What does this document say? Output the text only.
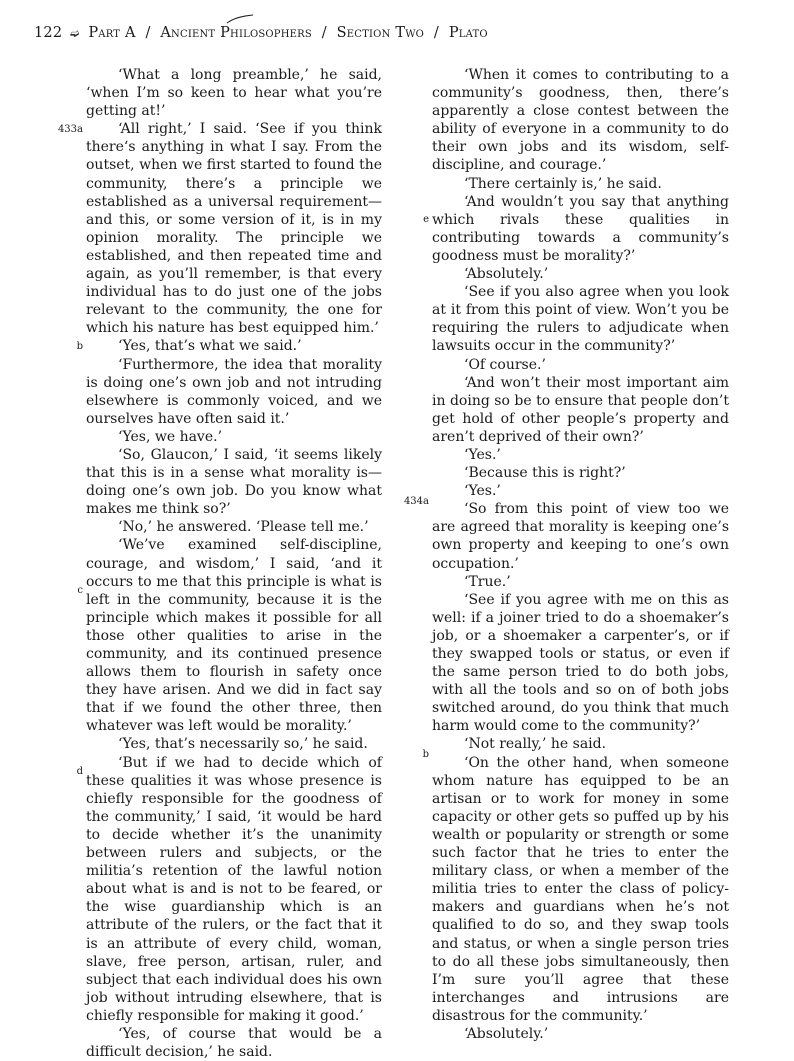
122 ➫ Part A / Ancient Philosophers / Section Two / Plato
433a
b
c
d

‘What a long preamble,’ he said, ‘when I’m so keen to hear what you’re getting at!’

‘All right,’ I said. ‘See if you think there‘s anything in what I say. From the outset, when we first started to found the community, there’s a principle we established as a universal requirement—and this, or some version of it, is in my opinion morality. The principle we established, and then repeated time and again, as you’ll remember, is that every individual has to do just one of the jobs relevant to the community, the one for which his nature has best equipped him.’

‘Yes, that’s what we said.’

‘Furthermore, the idea that morality is doing one’s own job and not intruding elsewhere is commonly voiced, and we ourselves have often said it.’

‘Yes, we have.’

‘So, Glaucon,’ I said, ‘it seems likely that this is in a sense what morality is—doing one’s own job. Do you know what makes me think so?’

‘No,’ he answered. ‘Please tell me.’

‘We’ve examined self-discipline, courage, and wisdom,’ I said, ‘and it occurs to me that this principle is what is left in the community, because it is the principle which makes it possible for all those other qualities to arise in the community, and its continued presence allows them to flourish in safety once they have arisen. And we did in fact say that if we found the other three, then whatever was left would be morality.’

‘Yes, that’s necessarily so,’ he said.

‘But if we had to decide which of these qualities it was whose presence is chiefly responsible for the goodness of the community,’ I said, ‘it would be hard to decide whether it’s the unanimity between rulers and subjects, or the militia’s retention of the lawful notion about what is and is not to be feared, or the wise guardianship which is an attribute of the rulers, or the fact that it is an attribute of every child, woman, slave, free person, artisan, ruler, and subject that each individual does his own job without intruding elsewhere, that is chiefly responsible for making it good.’

‘Yes, of course that would be a difficult decision,’ he said.

e
434a
b

‘When it comes to contributing to a community’s goodness, then, there’s apparently a close contest between the ability of everyone in a community to do their own jobs and its wisdom, self-discipline, and courage.’

‘There certainly is,’ he said.

‘And wouldn’t you say that anything which rivals these qualities in contributing towards a community’s goodness must be morality?’

‘Absolutely.’

‘See if you also agree when you look at it from this point of view. Won’t you be requiring the rulers to adjudicate when lawsuits occur in the community?’

‘Of course.’

‘And won’t their most important aim in doing so be to ensure that people don’t get hold of other people’s property and aren’t deprived of their own?’

‘Yes.’

‘Because this is right?’

‘Yes.’

‘So from this point of view too we are agreed that morality is keeping one’s own property and keeping to one’s own occupation.’

‘True.’

‘See if you agree with me on this as well: if a joiner tried to do a shoemaker’s job, or a shoemaker a carpenter’s, or if they swapped tools or status, or even if the same person tried to do both jobs, with all the tools and so on of both jobs switched around, do you think that much harm would come to the community?’

‘Not really,’ he said.

‘On the other hand, when someone whom nature has equipped to be an artisan or to work for money in some capacity or other gets so puffed up by his wealth or popularity or strength or some such factor that he tries to enter the military class, or when a member of the militia tries to enter the class of policy-makers and guardians when he’s not qualified to do so, and they swap tools and status, or when a single person tries to do all these jobs simultaneously, then I’m sure you’ll agree that these interchanges and intrusions are disastrous for the community.’

‘Absolutely.’
